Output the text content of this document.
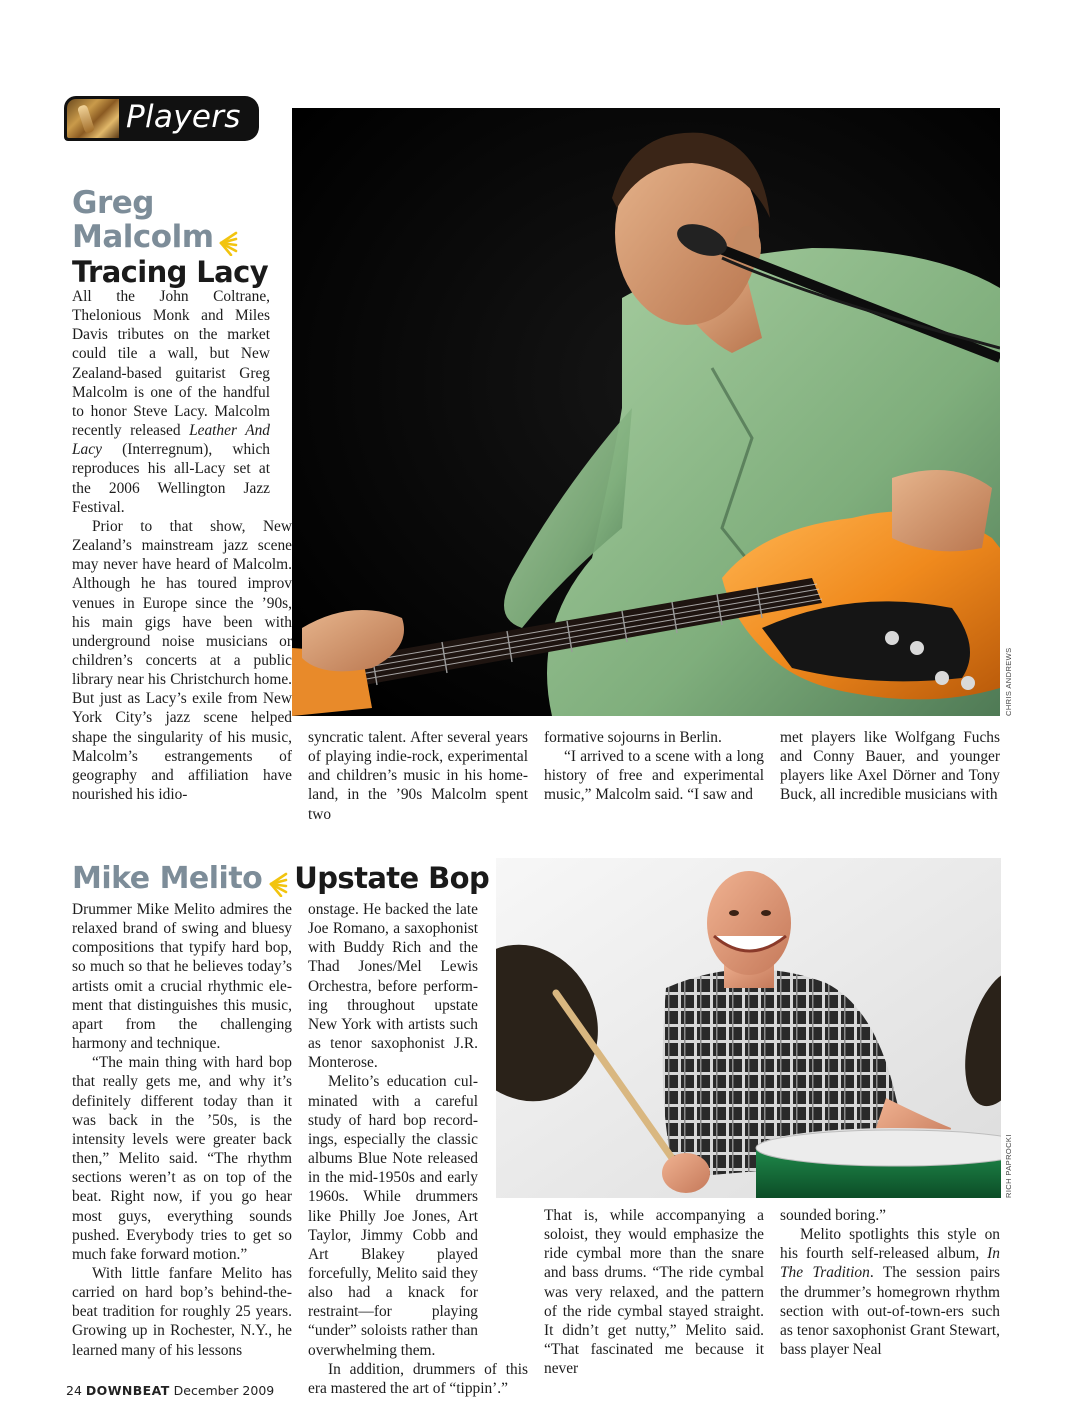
Players
Greg
Malcolm
Tracing Lacy

All the John Coltrane, Thelonious Monk and Miles Davis tributes on the market could tile a wall, but New Zealand-based guitarist Greg Malcolm is one of the handful to honor Steve Lacy. Malcolm recently released Leather And Lacy (Interregnum), which reproduces his all-Lacy set at the 2006 Wellington Jazz Festival.

Prior to that show, New Zealand’s mainstream jazz scene may never have heard of Malcolm. Although he has toured improv venues in Europe since the ’90s, his main gigs have been with underground noise musicians or children’s concerts at a public library near his Christchurch home. But just as Lacy’s exile from New York City’s jazz scene helped shape the singularity of his music, Malcolm’s estrangements of geography and affiliation have nourished his idio-

CHRIS ANDREWS

syncratic talent. After several years of playing indie-rock, experimental and children’s music in his home-land, in the ’90s Malcolm spent two

formative sojourns in Berlin.

“I arrived to a scene with a long history of free and experimental music,” Malcolm said. “I saw and

met players like Wolfgang Fuchs and Conny Bauer, and younger players like Axel Dörner and Tony Buck, all incredible musicians with

Mike Melito Upstate Bop
RICH PAPROCKI

Drummer Mike Melito admires the relaxed brand of swing and bluesy compositions that typify hard bop, so much so that he believes today’s artists omit a crucial rhythmic ele-ment that distinguishes this music, apart from the challenging harmony and technique.

“The main thing with hard bop that really gets me, and why it’s definitely different today than it was back in the ’50s, is the intensity levels were greater back then,” Melito said. “The rhythm sections weren’t as on top of the beat. Right now, if you go hear most guys, everything sounds pushed. Everybody tries to get so much fake forward motion.”

With little fanfare Melito has carried on hard bop’s behind-the-beat tradition for roughly 25 years. Growing up in Rochester, N.Y., he learned many of his lessons

onstage. He backed the late Joe Romano, a saxophonist with Buddy Rich and the Thad Jones/Mel Lewis Orchestra, before perform-ing throughout upstate New York with artists such as tenor saxophonist J.R. Monterose.

Melito’s education cul-minated with a careful study of hard bop record-ings, especially the classic albums Blue Note released in the mid-1950s and early 1960s. While drummers like Philly Joe Jones, Art Taylor, Jimmy Cobb and Art Blakey played forcefully, Melito said they also had a knack for restraint—for playing “under” soloists rather than overwhelming them.

In addition, drummers of this era mastered the art of “tippin’.”

That is, while accompanying a soloist, they would emphasize the ride cymbal more than the snare and bass drums. “The ride cymbal was very relaxed, and the pattern of the ride cymbal stayed straight. It didn’t get nutty,” Melito said. “That fascinated me because it never

sounded boring.”

Melito spotlights this style on his fourth self-released album, In The Tradition. The session pairs the drummer’s homegrown rhythm section with out-of-town-ers such as tenor saxophonist Grant Stewart, bass player Neal

24 DOWNBEAT December 2009
